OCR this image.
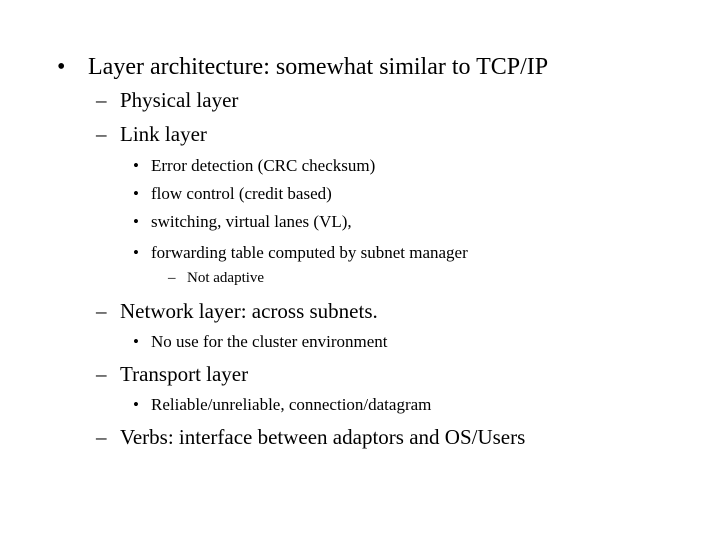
• Layer architecture: somewhat similar to TCP/IP
– Physical layer
– Link layer
• Error detection (CRC checksum)
• flow control (credit based)
• switching, virtual lanes (VL),
• forwarding table computed by subnet manager
– Not adaptive
– Network layer: across subnets.
• No use for the cluster environment
– Transport layer
• Reliable/unreliable, connection/datagram
– Verbs: interface between adaptors and OS/Users
